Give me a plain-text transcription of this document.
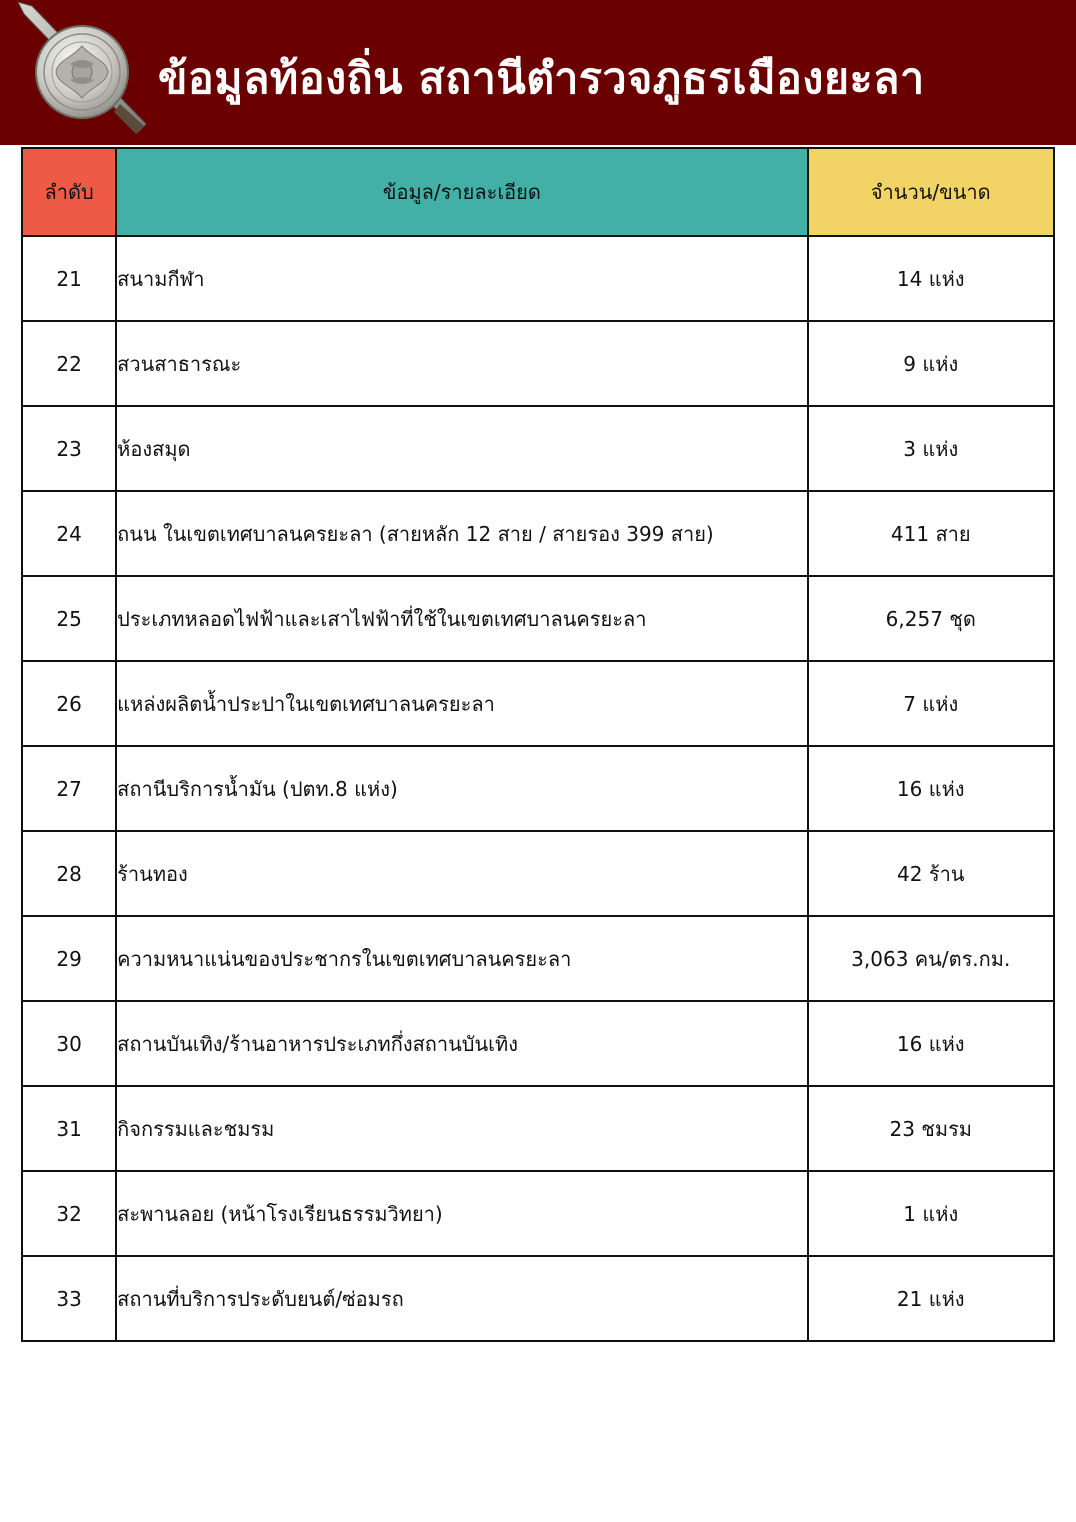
ข้อมูลท้องถิ่น สถานีตำรวจภูธรเมืองยะลา
ลำดับ	ข้อมูล/รายละเอียด	จำนวน/ขนาด
21	สนามกีฬา	14 แห่ง
22	สวนสาธารณะ	9 แห่ง
23	ห้องสมุด	3 แห่ง
24	ถนน ในเขตเทศบาลนครยะลา (สายหลัก 12 สาย / สายรอง 399 สาย)	411 สาย
25	ประเภทหลอดไฟฟ้าและเสาไฟฟ้าที่ใช้ในเขตเทศบาลนครยะลา	6,257 ชุด
26	แหล่งผลิตน้ำประปาในเขตเทศบาลนครยะลา	7 แห่ง
27	สถานีบริการน้ำมัน (ปตท.8 แห่ง)	16 แห่ง
28	ร้านทอง	42 ร้าน
29	ความหนาแน่นของประชากรในเขตเทศบาลนครยะลา	3,063 คน/ตร.กม.
30	สถานบันเทิง/ร้านอาหารประเภทกึ่งสถานบันเทิง	16 แห่ง
31	กิจกรรมและชมรม	23 ชมรม
32	สะพานลอย (หน้าโรงเรียนธรรมวิทยา)	1 แห่ง
33	สถานที่บริการประดับยนต์/ซ่อมรถ	21 แห่ง
